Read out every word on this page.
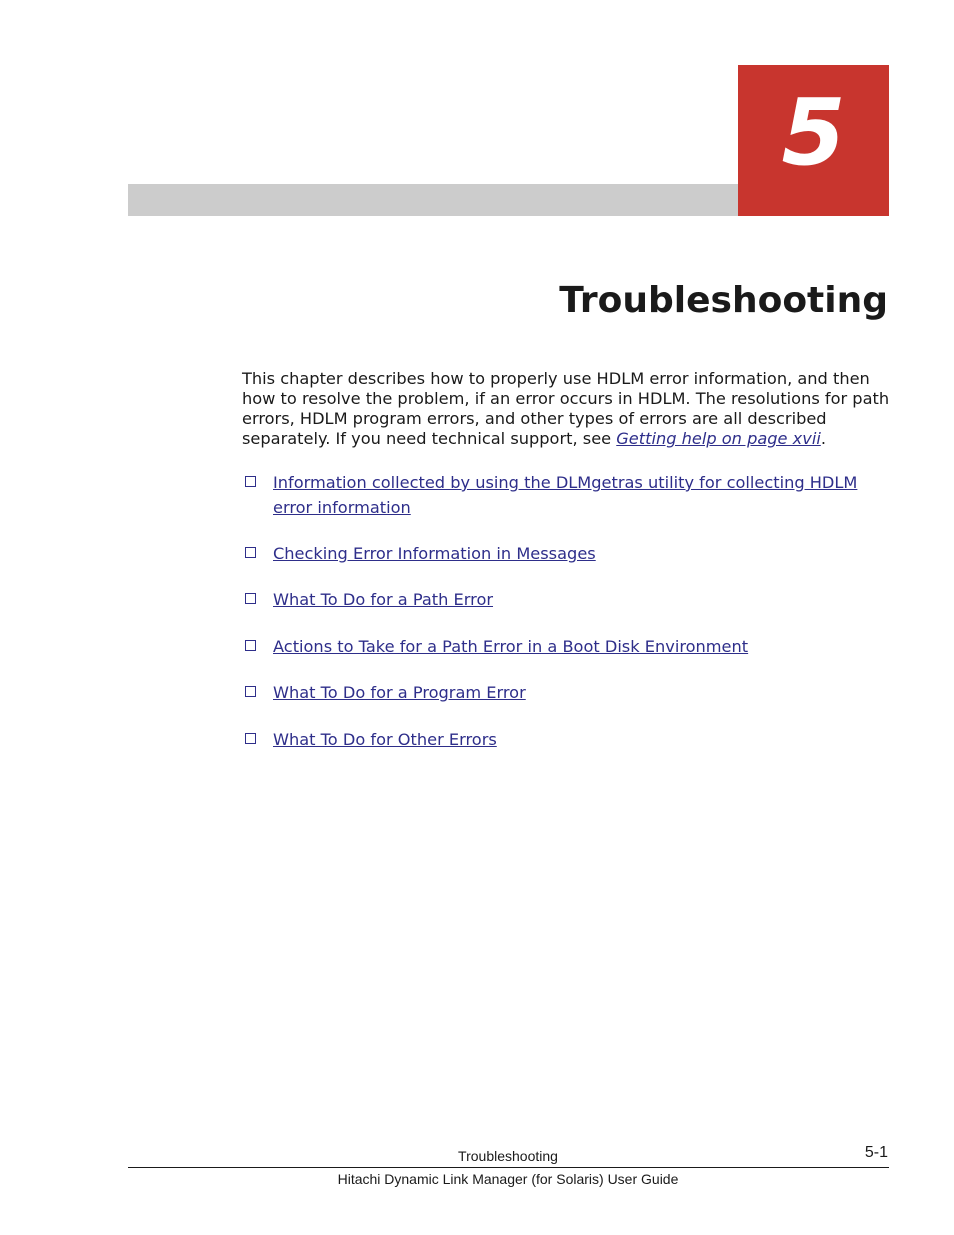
5
Troubleshooting

This chapter describes how to properly use HDLM error information, and then how to resolve the problem, if an error occurs in HDLM. The resolutions for path errors, HDLM program errors, and other types of errors are all described separately. If you need technical support, see Getting help on page xvii.

Information collected by using the DLMgetras utility for collecting HDLM error information
Checking Error Information in Messages
What To Do for a Path Error
Actions to Take for a Path Error in a Boot Disk Environment
What To Do for a Program Error
What To Do for Other Errors
Troubleshooting	5-1
Hitachi Dynamic Link Manager (for Solaris) User Guide
